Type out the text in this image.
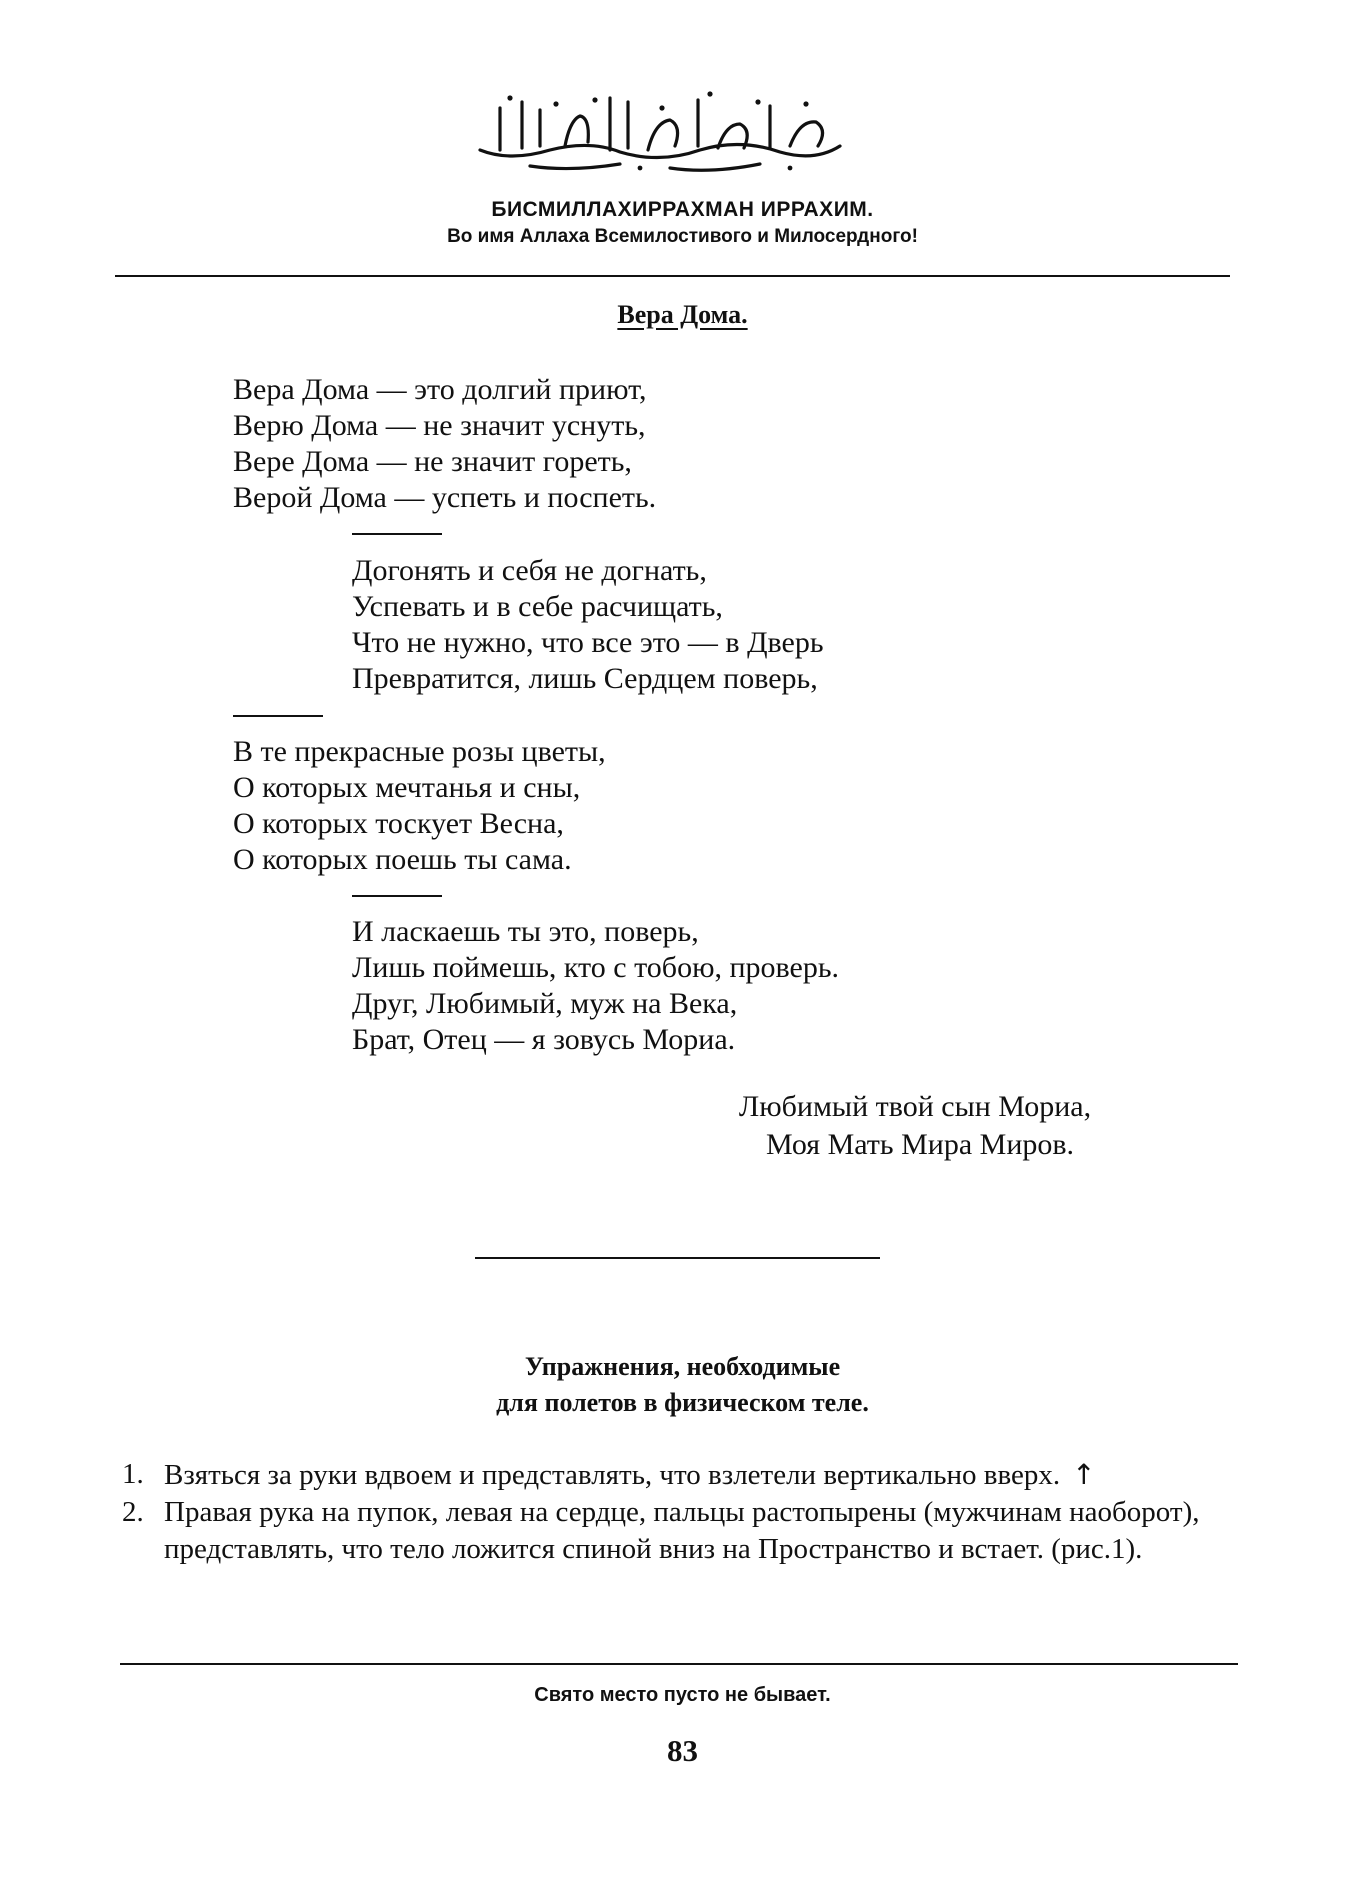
БИСМИЛЛАХИРРАХМАН ИРРАХИМ.
Во имя Аллаха Всемилостивого и Милосердного!
Вера Дома.
Вера Дома — это долгий приют,
Верю Дома — не значит уснуть,
Вере Дома — не значит гореть,
Верой Дома — успеть и поспеть.
Догонять и себя не догнать,
Успевать и в себе расчищать,
Что не нужно, что все это — в Дверь
Превратится, лишь Сердцем поверь,
В те прекрасные розы цветы,
О которых мечтанья и сны,
О которых тоскует Весна,
О которых поешь ты сама.
И ласкаешь ты это, поверь,
Лишь поймешь, кто с тобою, проверь.
Друг, Любимый, муж на Века,
Брат, Отец — я зовусь Мориа.
Любимый твой сын Мориа,
Моя Мать Мира Миров.
Упражнения, необходимые
для полетов в физическом теле.
1. Взяться за руки вдвоем и представлять, что взлетели вертикально вверх. ↑
2. Правая рука на пупок, левая на сердце, пальцы растопырены (мужчинам наоборот), представлять, что тело ложится спиной вниз на Пространство и встает. (рис.1).
Свято место пусто не бывает.
83
